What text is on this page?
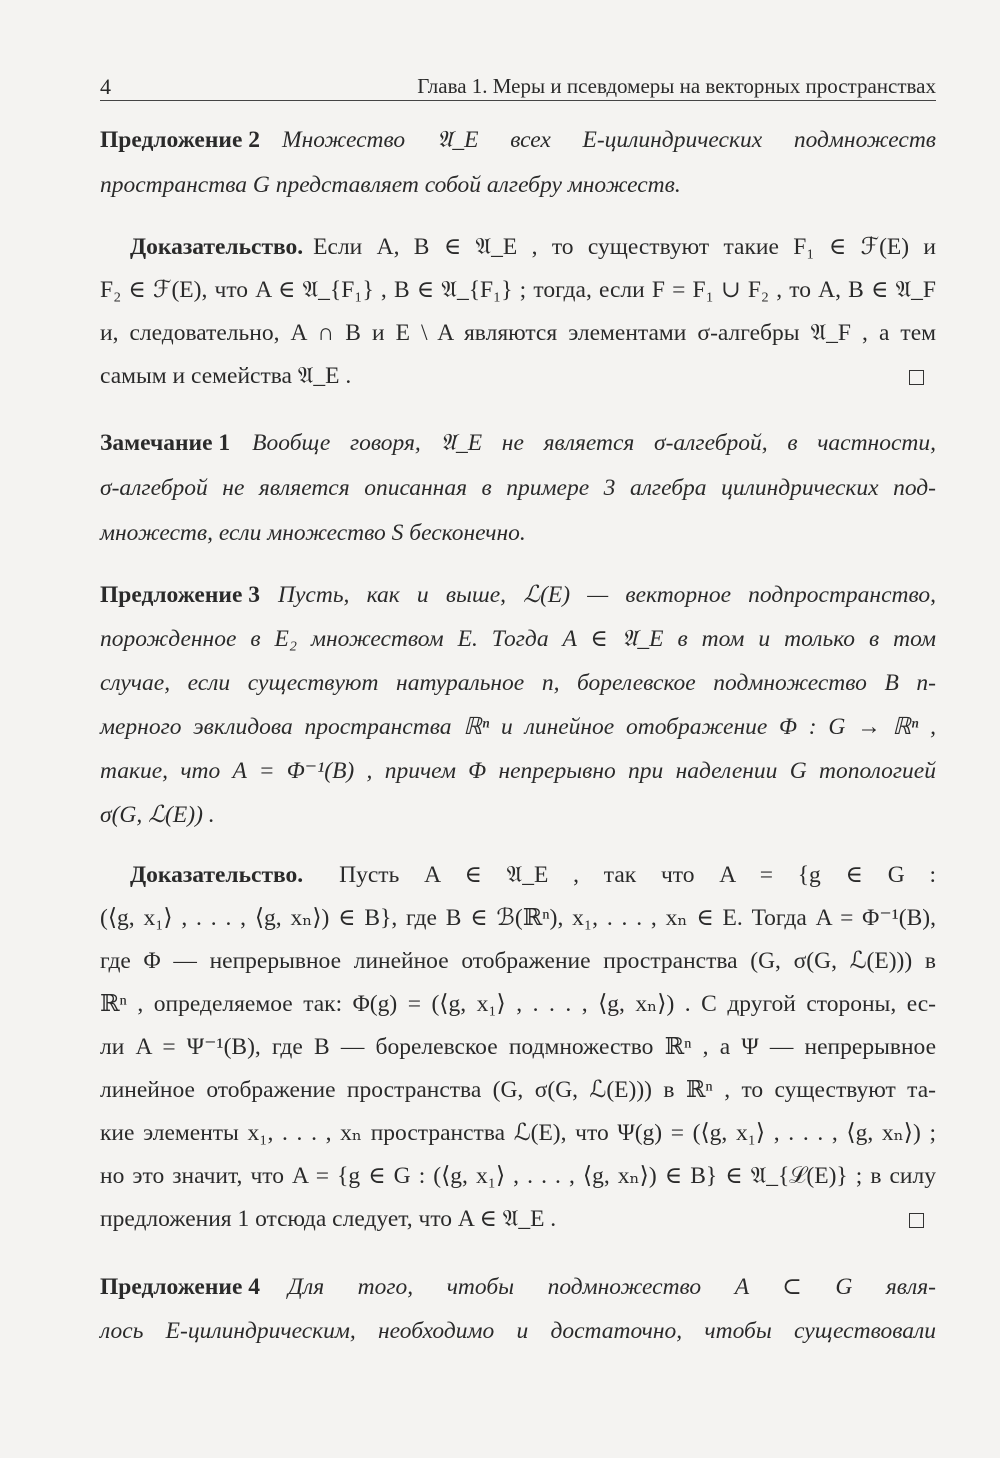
4	Глава 1. Меры и псевдомеры на векторных пространствах
Предложение 2 Множество 𝔄_E всех E-цилиндрических подмножеств
пространства G представляет собой алгебру множеств.
Доказательство. Если A, B ∈ 𝔄_E , то существуют такие F₁ ∈ ℱ(E) и
F₂ ∈ ℱ(E), что A ∈ 𝔄_{F₁} , B ∈ 𝔄_{F₁} ; тогда, если F = F₁ ∪ F₂ , то A, B ∈ 𝔄_F
и, следовательно, A ∩ B и E \ A являются элементами σ-алгебры 𝔄_F , а тем
самым и семейства 𝔄_E .
Замечание 1 Вообще говоря, 𝔄_E не является σ-алгеброй, в частности,
σ-алгеброй не является описанная в примере 3 алгебра цилиндрических под-
множеств, если множество S бесконечно.
Предложение 3 Пусть, как и выше, ℒ(E) — векторное подпространство,
порожденное в E₂ множеством E. Тогда A ∈ 𝔄_E в том и только в том
случае, если существуют натуральное n, борелевское подмножество B n-
мерного эвклидова пространства ℝⁿ и линейное отображение Φ : G → ℝⁿ ,
такие, что A = Φ⁻¹(B) , причем Φ непрерывно при наделении G топологией
σ(G, ℒ(E)) .
Доказательство. Пусть A ∈ 𝔄_E , так что A = {g ∈ G :
(⟨g, x₁⟩ , . . . , ⟨g, xₙ⟩) ∈ B}, где B ∈ ℬ(ℝⁿ), x₁, . . . , xₙ ∈ E. Тогда A = Φ⁻¹(B),
где Φ — непрерывное линейное отображение пространства (G, σ(G, ℒ(E))) в
ℝⁿ , определяемое так: Φ(g) = (⟨g, x₁⟩ , . . . , ⟨g, xₙ⟩) . С другой стороны, ес-
ли A = Ψ⁻¹(B), где B — борелевское подмножество ℝⁿ , а Ψ — непрерывное
линейное отображение пространства (G, σ(G, ℒ(E))) в ℝⁿ , то существуют та-
кие элементы x₁, . . . , xₙ пространства ℒ(E), что Ψ(g) = (⟨g, x₁⟩ , . . . , ⟨g, xₙ⟩) ;
но это значит, что A = {g ∈ G : (⟨g, x₁⟩ , . . . , ⟨g, xₙ⟩) ∈ B} ∈ 𝔄_{ℒ(E)} ; в силу
предложения 1 отсюда следует, что A ∈ 𝔄_E .
Предложение 4 Для того, чтобы подмножество A ⊂ G явля-
лось E-цилиндрическим, необходимо и достаточно, чтобы существовали
